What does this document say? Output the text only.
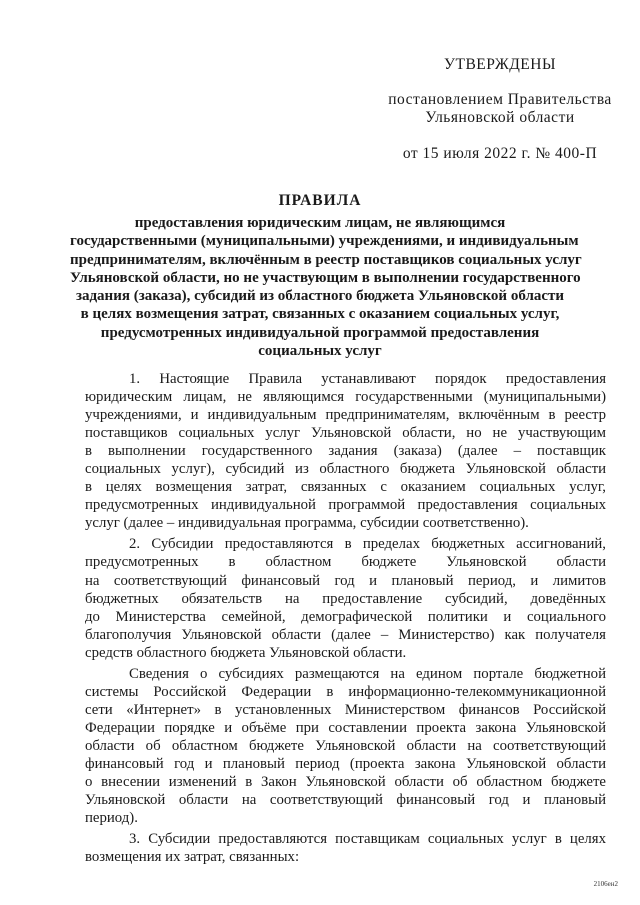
УТВЕРЖДЕНЫ
постановлением Правительства
Ульяновской области
от 15 июля 2022 г. № 400-П
ПРАВИЛА
предоставления юридическим лицам, не являющимся
государственными (муниципальными) учреждениями, и индивидуальным
предпринимателям, включённым в реестр поставщиков социальных услуг
Ульяновской области, но не участвующим в выполнении государственного
задания (заказа), субсидий из областного бюджета Ульяновской области
в целях возмещения затрат, связанных с оказанием социальных услуг,
предусмотренных индивидуальной программой предоставления
социальных услуг
1. Настоящие Правила устанавливают порядок предоставления
юридическим лицам, не являющимся государственными (муниципальными)
учреждениями, и индивидуальным предпринимателям, включённым в реестр
поставщиков социальных услуг Ульяновской области, но не участвующим
в выполнении государственного задания (заказа) (далее – поставщик
социальных услуг), субсидий из областного бюджета Ульяновской области
в целях возмещения затрат, связанных с оказанием социальных услуг,
предусмотренных индивидуальной программой предоставления социальных
услуг (далее – индивидуальная программа, субсидии соответственно).
2. Субсидии предоставляются в пределах бюджетных ассигнований,
предусмотренных в областном бюджете Ульяновской области
на соответствующий финансовый год и плановый период, и лимитов
бюджетных обязательств на предоставление субсидий, доведённых
до Министерства семейной, демографической политики и социального
благополучия Ульяновской области (далее – Министерство) как получателя
средств областного бюджета Ульяновской области.
Сведения о субсидиях размещаются на едином портале бюджетной
системы Российской Федерации в информационно-телекоммуникационной
сети «Интернет» в установленных Министерством финансов Российской
Федерации порядке и объёме при составлении проекта закона Ульяновской
области об областном бюджете Ульяновской области на соответствующий
финансовый год и плановый период (проекта закона Ульяновской области
о внесении изменений в Закон Ульяновской области об областном бюджете
Ульяновской области на соответствующий финансовый год и плановый
период).
3. Субсидии предоставляются поставщикам социальных услуг в целях
возмещения их затрат, связанных:
2106ен2
